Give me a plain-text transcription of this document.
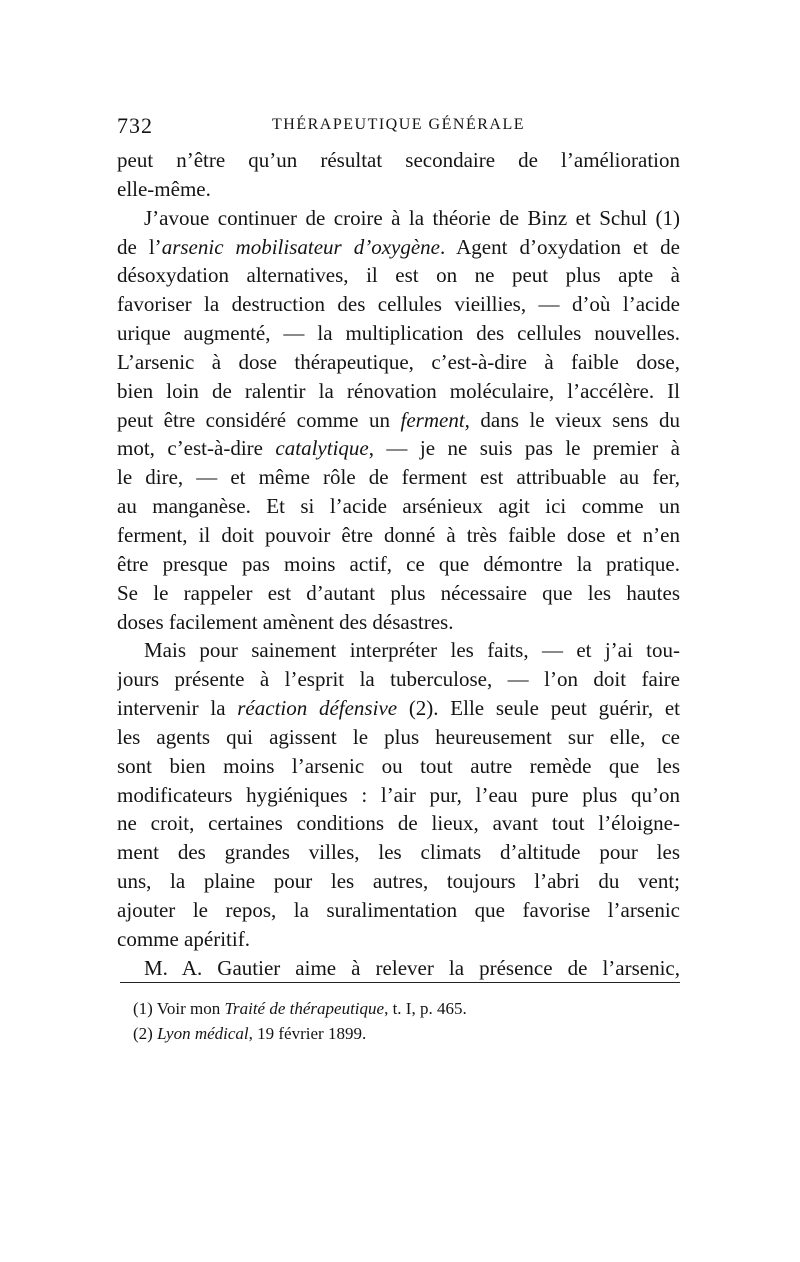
732	THÉRAPEUTIQUE GÉNÉRALE
peut n’être qu’un résultat secondaire de l’amélioration
elle-même.
J’avoue continuer de croire à la théorie de Binz et Schul (1)
de l’arsenic mobilisateur d’oxygène. Agent d’oxydation et de
désoxydation alternatives, il est on ne peut plus apte à
favoriser la destruction des cellules vieillies, — d’où l’acide
urique augmenté, — la multiplication des cellules nouvelles.
L’arsenic à dose thérapeutique, c’est-à-dire à faible dose,
bien loin de ralentir la rénovation moléculaire, l’accélère. Il
peut être considéré comme un ferment, dans le vieux sens du
mot, c’est-à-dire catalytique, — je ne suis pas le premier à
le dire, — et même rôle de ferment est attribuable au fer,
au manganèse. Et si l’acide arsénieux agit ici comme un
ferment, il doit pouvoir être donné à très faible dose et n’en
être presque pas moins actif, ce que démontre la pratique.
Se le rappeler est d’autant plus nécessaire que les hautes
doses facilement amènent des désastres.
Mais pour sainement interpréter les faits, — et j’ai tou-
jours présente à l’esprit la tuberculose, — l’on doit faire
intervenir la réaction défensive (2). Elle seule peut guérir, et
les agents qui agissent le plus heureusement sur elle, ce
sont bien moins l’arsenic ou tout autre remède que les
modificateurs hygiéniques : l’air pur, l’eau pure plus qu’on
ne croit, certaines conditions de lieux, avant tout l’éloigne-
ment des grandes villes, les climats d’altitude pour les
uns, la plaine pour les autres, toujours l’abri du vent;
ajouter le repos, la suralimentation que favorise l’arsenic
comme apéritif.
M. A. Gautier aime à relever la présence de l’arsenic,
(1) Voir mon Traité de thérapeutique, t. I, p. 465.
(2) Lyon médical, 19 février 1899.
